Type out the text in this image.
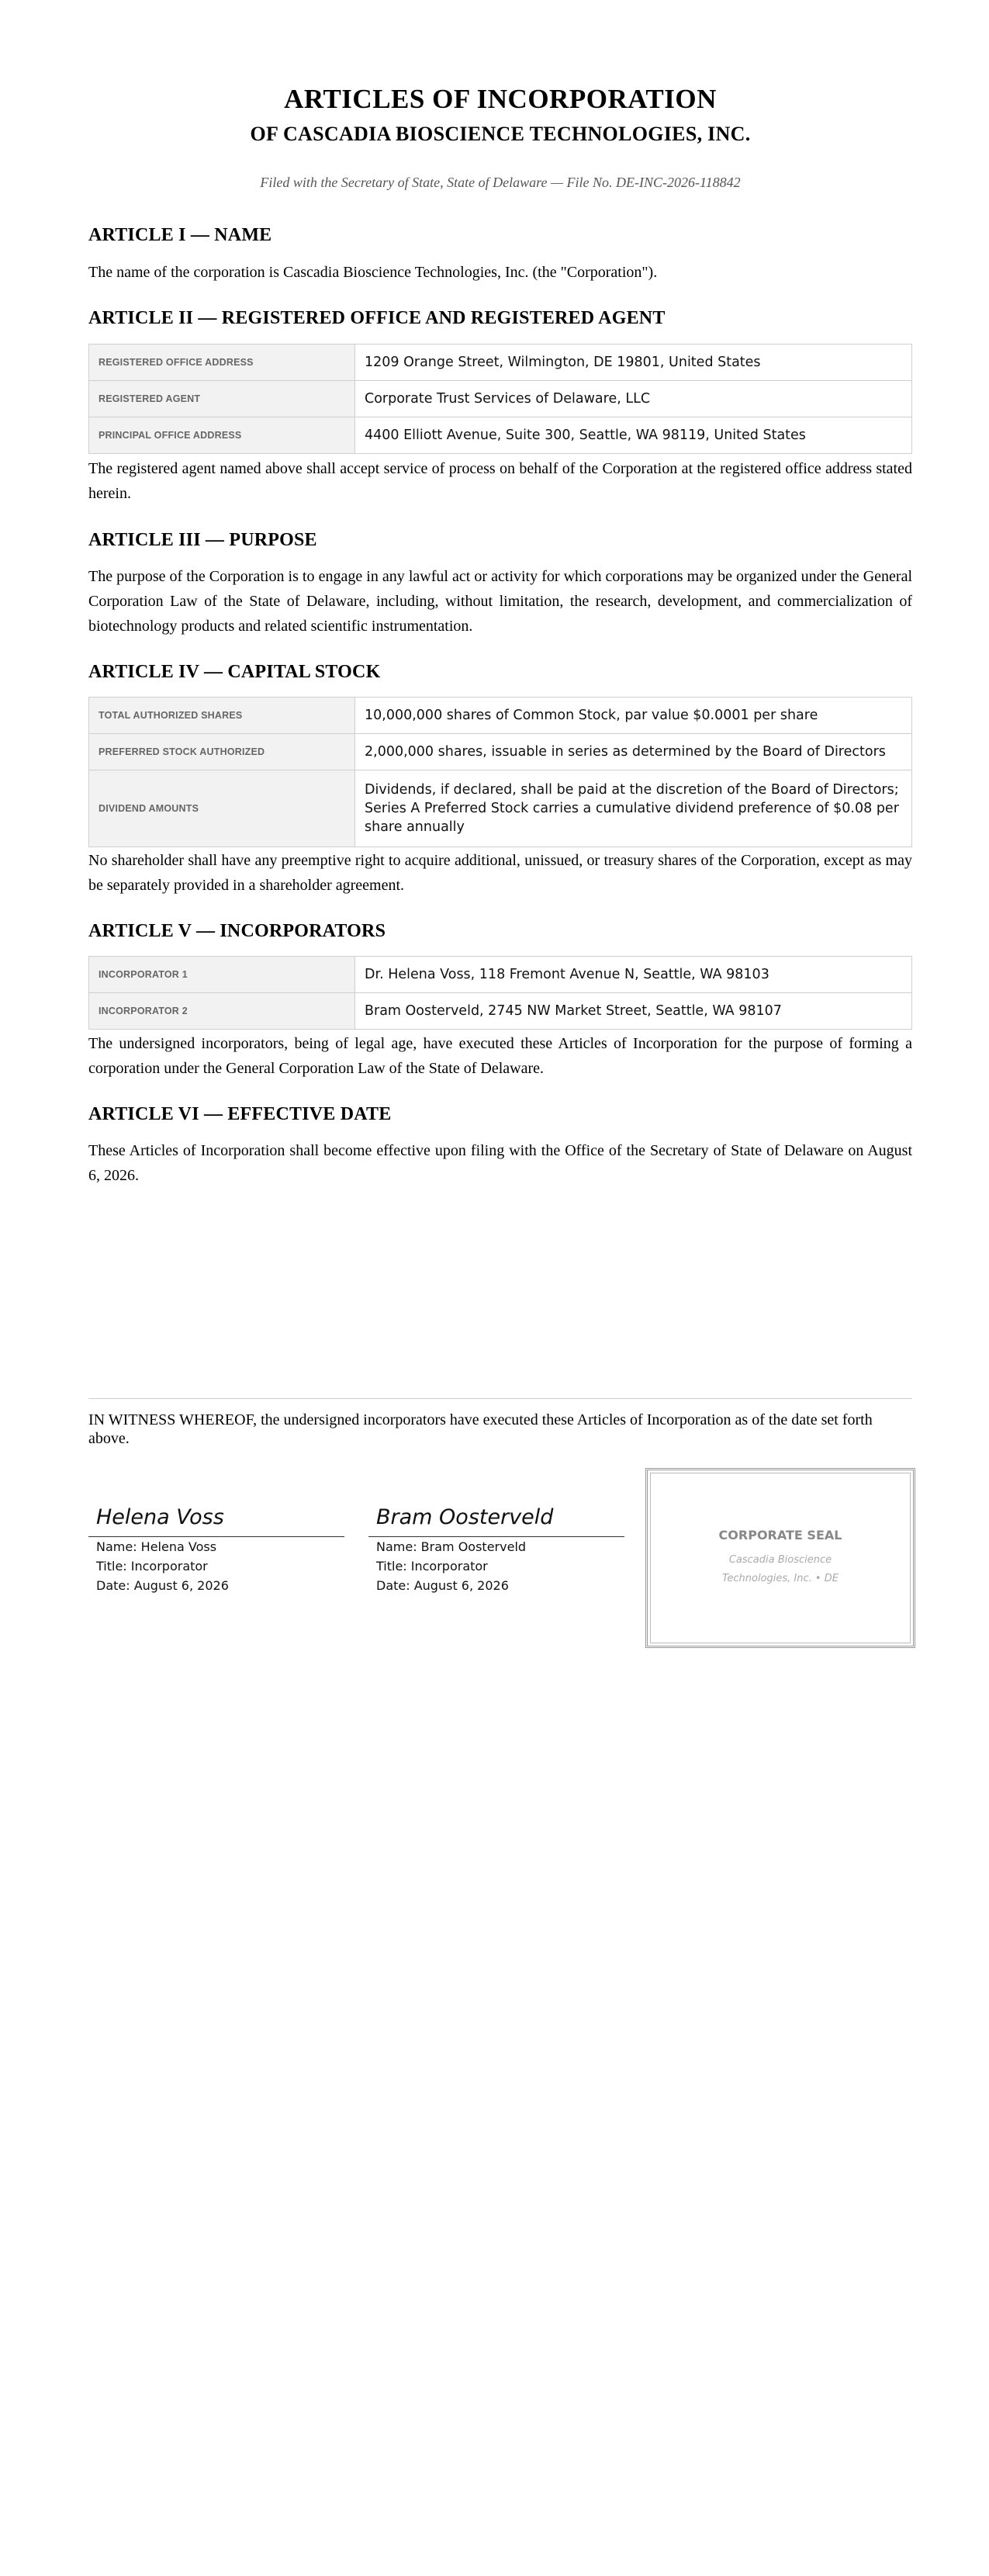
ARTICLES OF INCORPORATION
OF CASCADIA BIOSCIENCE TECHNOLOGIES, INC.
Filed with the Secretary of State, State of Delaware — File No. DE-INC-2026-118842
ARTICLE I — NAME
The name of the corporation is Cascadia Bioscience Technologies, Inc. (the "Corporation").
ARTICLE II — REGISTERED OFFICE AND REGISTERED AGENT
REGISTERED OFFICE ADDRESS	1209 Orange Street, Wilmington, DE 19801, United States
REGISTERED AGENT	Corporate Trust Services of Delaware, LLC
PRINCIPAL OFFICE ADDRESS	4400 Elliott Avenue, Suite 300, Seattle, WA 98119, United States
The registered agent named above shall accept service of process on behalf of the Corporation at the registered office address stated herein.
ARTICLE III — PURPOSE
The purpose of the Corporation is to engage in any lawful act or activity for which corporations may be organized under the General Corporation Law of the State of Delaware, including, without limitation, the research, development, and commercialization of biotechnology products and related scientific instrumentation.
ARTICLE IV — CAPITAL STOCK
TOTAL AUTHORIZED SHARES	10,000,000 shares of Common Stock, par value $0.0001 per share
PREFERRED STOCK AUTHORIZED	2,000,000 shares, issuable in series as determined by the Board of Directors
DIVIDEND AMOUNTS	Dividends, if declared, shall be paid at the discretion of the Board of Directors; Series A Preferred Stock carries a cumulative dividend preference of $0.08 per share annually
No shareholder shall have any preemptive right to acquire additional, unissued, or treasury shares of the Corporation, except as may be separately provided in a shareholder agreement.
ARTICLE V — INCORPORATORS
INCORPORATOR 1	Dr. Helena Voss, 118 Fremont Avenue N, Seattle, WA 98103
INCORPORATOR 2	Bram Oosterveld, 2745 NW Market Street, Seattle, WA 98107
The undersigned incorporators, being of legal age, have executed these Articles of Incorporation for the purpose of forming a corporation under the General Corporation Law of the State of Delaware.
ARTICLE VI — EFFECTIVE DATE
These Articles of Incorporation shall become effective upon filing with the Office of the Secretary of State of Delaware on August 6, 2026.
IN WITNESS WHEREOF, the undersigned incorporators have executed these Articles of Incorporation as of the date set forth above.
Helena Voss
Name: Helena Voss
Title: Incorporator
Date: August 6, 2026
Bram Oosterveld
Name: Bram Oosterveld
Title: Incorporator
Date: August 6, 2026
CORPORATE SEAL
Cascadia Bioscience
Technologies, Inc. • DE
